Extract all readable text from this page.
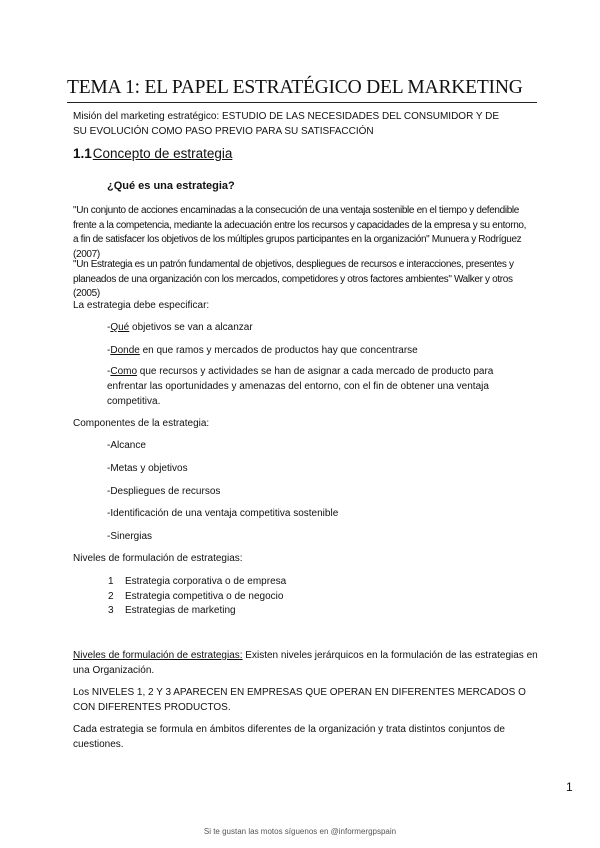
TEMA 1: EL PAPEL ESTRATÉGICO DEL MARKETING
Misión del marketing estratégico: ESTUDIO DE LAS NECESIDADES DEL CONSUMIDOR Y DE SU EVOLUCIÓN COMO PASO PREVIO PARA SU SATISFACCIÓN
1.1Concepto de estrategia
¿Qué es una estrategia?
"Un conjunto de acciones encaminadas a la consecución de una ventaja sostenible en el tiempo y defendible frente a la competencia, mediante la adecuación entre los recursos y capacidades de la empresa y su entorno, a fin de satisfacer los objetivos de los múltiples grupos participantes en la organización" Munuera y Rodríguez (2007)
"Un Estrategia es un patrón fundamental de objetivos, despliegues de recursos e interacciones, presentes y planeados de una organización con los mercados, competidores y otros factores ambientes" Walker y otros (2005)
La estrategia debe especificar:
-Qué objetivos se van a alcanzar
-Donde en que ramos y mercados de productos hay que concentrarse
-Como que recursos y actividades se han de asignar a cada mercado de producto para enfrentar las oportunidades y amenazas del entorno, con el fin de obtener una ventaja competitiva.
Componentes de la estrategia:
-Alcance
-Metas y objetivos
-Despliegues de recursos
-Identificación de una ventaja competitiva sostenible
-Sinergias
Niveles de formulación de estrategias:
1 Estrategia corporativa o de empresa
2 Estrategia competitiva o de negocio
3 Estrategias de marketing
Niveles de formulación de estrategias: Existen niveles jerárquicos en la formulación de las estrategias en una Organización.
Los NIVELES 1, 2 Y 3 APARECEN EN EMPRESAS QUE OPERAN EN DIFERENTES MERCADOS O CON DIFERENTES PRODUCTOS.
Cada estrategia se formula en ámbitos diferentes de la organización y trata distintos conjuntos de cuestiones.
1
Si te gustan las motos síguenos en @informergpspain
